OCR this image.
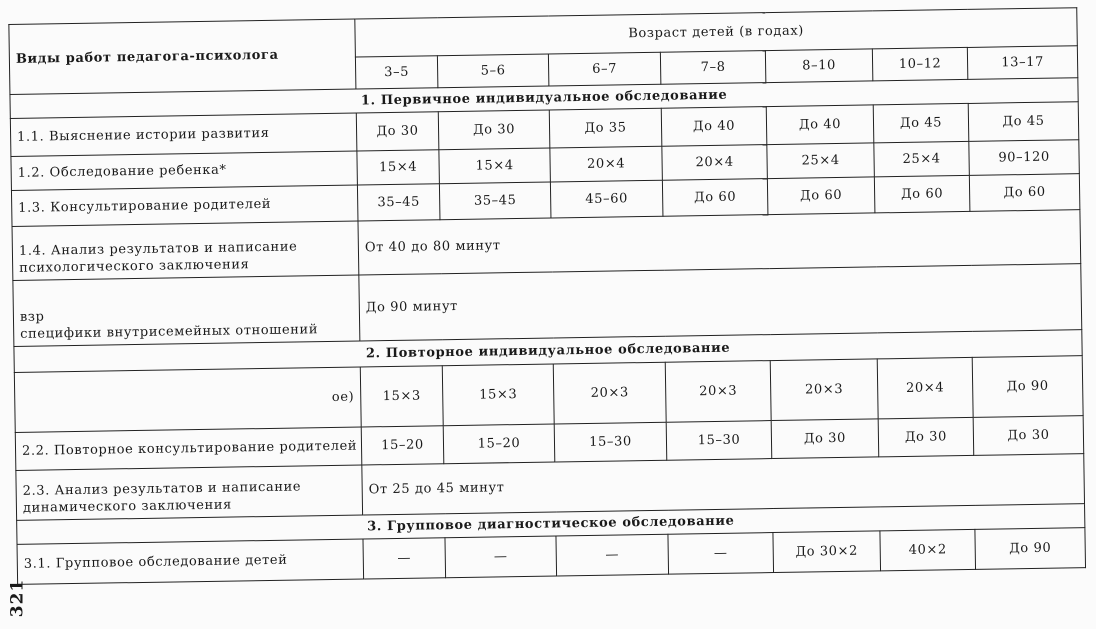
Виды работ педагога-психолога	Возраст детей (в годах)						
	3–5	5–6	6–7	7–8	8–10	10–12	13–17
1. Первичное индивидуальное обследование							
1.1. Выяснение истории развития	До 30	До 30	До 35	До 40	До 40	До 45	До 45
1.2. Обследование ребенка*	15×4	15×4	20×4	20×4	25×4	25×4	90–120
1.3. Консультирование родителей	35–45	35–45	45–60	До 60	До 60	До 60	До 60
1.4. Анализ результатов и написание психологического заключения	От 40 до 80 минут						

взр
специфики внутрисемейных отношений	До 90 минут						
2. Повторное индивидуальное обследование							
ое)	15×3	15×3	20×3	20×3	20×3	20×4	До 90
2.2. Повторное консультирование родителей	15–20	15–20	15–30	15–30	До 30	До 30	До 30
2.3. Анализ результатов и написание динамического заключения	От 25 до 45 минут						
3. Групповое диагностическое обследование							
3.1. Групповое обследование детей	—	—	—	—	До 30×2	40×2	До 90
321
